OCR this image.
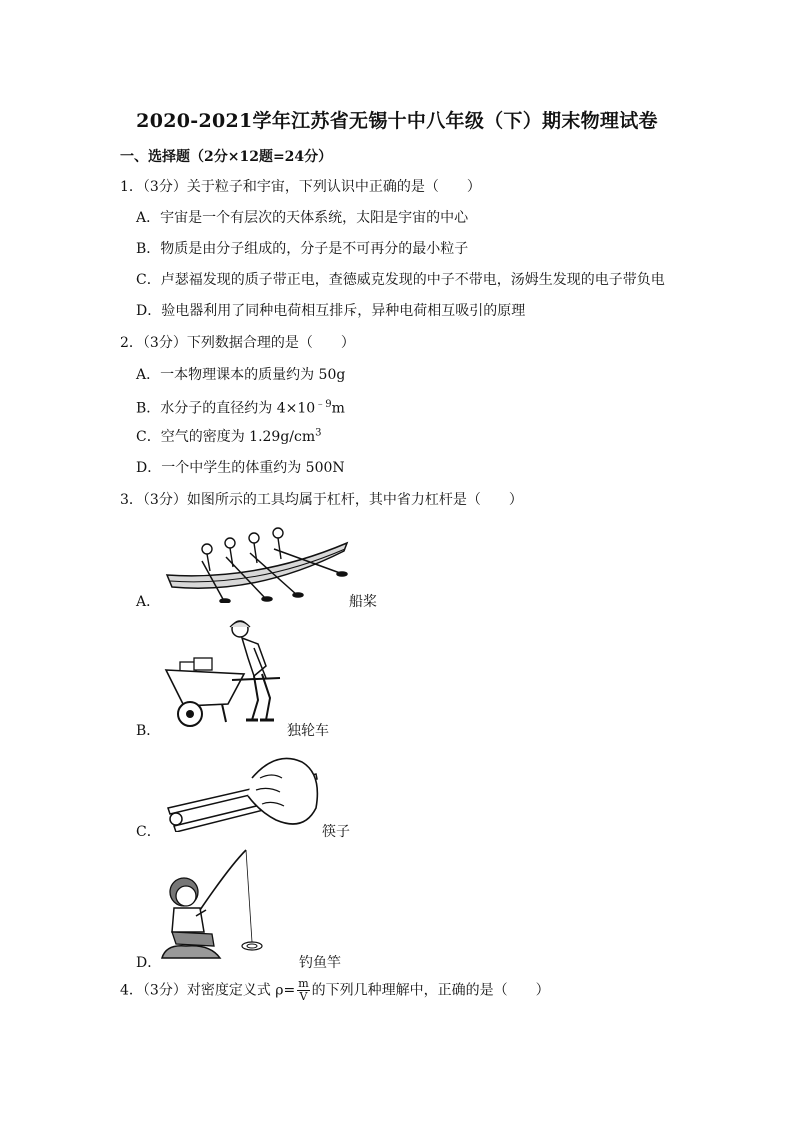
2020-2021学年江苏省无锡十中八年级（下）期末物理试卷
一、选择题（2分×12题=24分）
1．（3分）关于粒子和宇宙，下列认识中正确的是（　　）
A．宇宙是一个有层次的天体系统，太阳是宇宙的中心
B．物质是由分子组成的，分子是不可再分的最小粒子
C．卢瑟福发现的质子带正电，查德威克发现的中子不带电，汤姆生发现的电子带负电
D．验电器利用了同种电荷相互排斥，异种电荷相互吸引的原理
2．（3分）下列数据合理的是（　　）
A．一本物理课本的质量约为 50g
B．水分子的直径约为 $4\times 10^{﹣9}m$
C．空气的密度为 $1.29g/cm^3$
D．一个中学生的体重约为 500N
3．（3分）如图所示的工具均属于杠杆，其中省力杠杆是（　　）
A．	船桨
B．	独轮车
C．	筷子
D．	钓鱼竿
4．（3分）对密度定义式 $\rho= \frac{m}{V}$ 的下列几种理解中，正确的是（　　）
